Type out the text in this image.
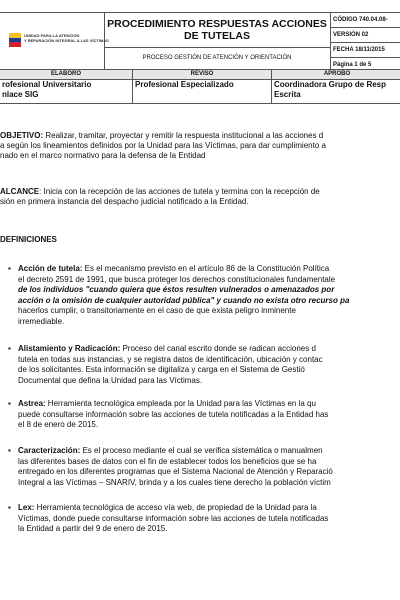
UNIDAD PARA LA ATENCIÓN
Y REPARACIÓN INTEGRAL A LAS VÍCTIMAS
PROCEDIMIENTO RESPUESTAS ACCIONES DE TUTELAS
PROCESO GESTIÓN DE ATENCIÓN Y ORIENTACIÓN
CÓDIGO 740.04.08-
VERSIÓN 02
FECHA 18/11/2015
Página 1 de 5
ELABORÓ
rofesional Universitario
nlace SIG
REVISÓ
Profesional Especializado
APROBÓ
Coordinadora Grupo de Resp
Escrita
OBJETIVO: Realizar, tramitar, proyectar y remitir la respuesta institucional a las acciones d
a según los lineamientos definidos por la Unidad para las Víctimas, para dar cumplimiento a
nado en el marco normativo para la defensa de la Entidad
ALCANCE: Inicia con la recepción de las acciones de tutela y termina con la recepción de
sión en primera instancia del despacho judicial notificado a la Entidad.
DEFINICIONES
▪ Acción de tutela: Es el mecanismo previsto en el artículo 86 de la Constitución Política
el decreto 2591 de 1991, que busca proteger los derechos constitucionales fundamentale
de los individuos "cuando quiera que éstos resulten vulnerados o amenazados por
acción o la omisión de cualquier autoridad pública" y cuando no exista otro recurso pa
hacerlos cumplir, o transitoriamente en el caso de que exista peligro inminente
irremediable.
▪ Alistamiento y Radicación: Proceso del canal escrito donde se radican acciones d
tutela en todas sus instancias, y se registra datos de identificación, ubicación y contac
de los solicitantes. Esta información se digitaliza y carga en el Sistema de Gestió
Documental que defina la Unidad para las Víctimas.
▪ Astrea: Herramienta tecnológica empleada por la Unidad para las Víctimas en la qu
puede consultarse información sobre las acciones de tutela notificadas a la Entidad has
el 8 de enero de 2015.
▪ Caracterización: Es el proceso mediante el cual se verifica sistemática o manualmen
las diferentes bases de datos con el fin de establecer todos los beneficios que se ha
entregado en los diferentes programas que el Sistema Nacional de Atención y Reparació
Integral a las Víctimas – SNARIV, brinda y a los cuales tiene derecho la población víctim
▪ Lex: Herramienta tecnológica de acceso vía web, de propiedad de la Unidad para la
Víctimas, donde puede consultarse información sobre las acciones de tutela notificadas
la Entidad a partir del 9 de enero de 2015.
